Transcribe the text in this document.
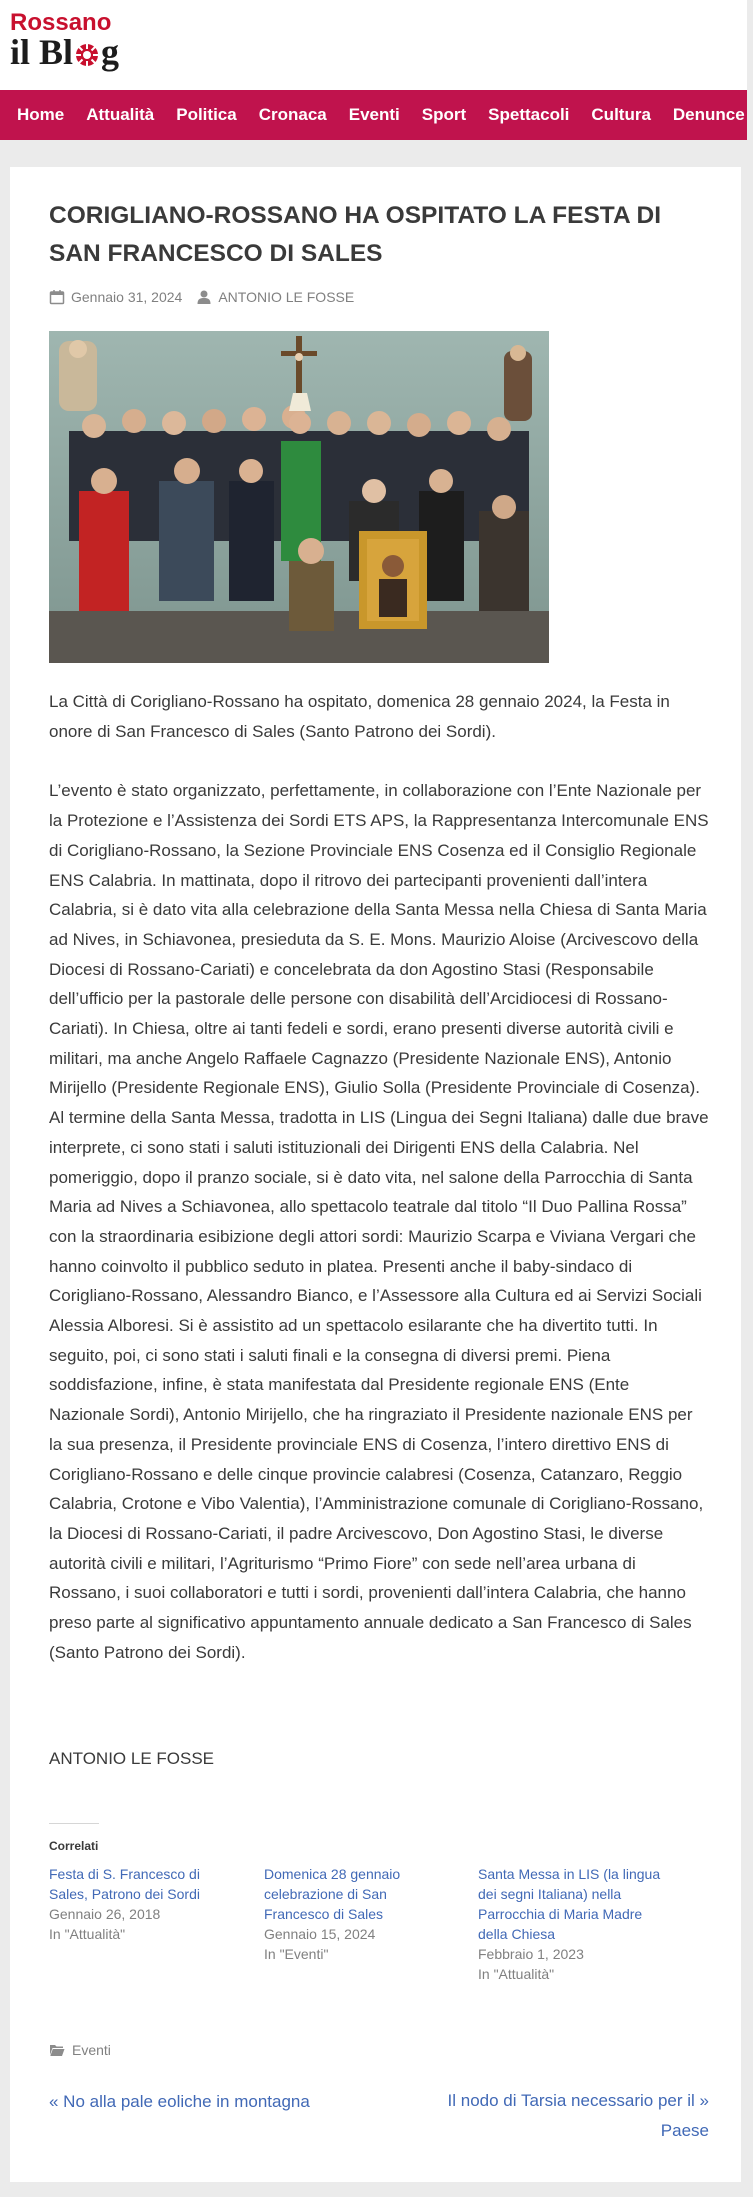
Rossano
il Bl g
Home	Attualità	Politica	Cronaca	Eventi	Sport	Spettacoli	Cultura	Denunce
CORIGLIANO-ROSSANO HA OSPITATO LA FESTA DI SAN FRANCESCO DI SALES
Gennaio 31, 2024	ANTONIO LE FOSSE

La Città di Corigliano-Rossano ha ospitato, domenica 28 gennaio 2024, la Festa in onore di San Francesco di Sales (Santo Patrono dei Sordi).

L’evento è stato organizzato, perfettamente, in collaborazione con l’Ente Nazionale per la Protezione e l’Assistenza dei Sordi ETS APS, la Rappresentanza Intercomunale ENS di Corigliano-Rossano, la Sezione Provinciale ENS Cosenza ed il Consiglio Regionale ENS Calabria. In mattinata, dopo il ritrovo dei partecipanti provenienti dall’intera Calabria, si è dato vita alla celebrazione della Santa Messa nella Chiesa di Santa Maria ad Nives, in Schiavonea, presieduta da S. E. Mons. Maurizio Aloise (Arcivescovo della Diocesi di Rossano-Cariati) e concelebrata da don Agostino Stasi (Responsabile dell’ufficio per la pastorale delle persone con disabilità dell’Arcidiocesi di Rossano-Cariati). In Chiesa, oltre ai tanti fedeli e sordi, erano presenti diverse autorità civili e militari, ma anche Angelo Raffaele Cagnazzo (Presidente Nazionale ENS), Antonio Mirijello (Presidente Regionale ENS), Giulio Solla (Presidente Provinciale di Cosenza). Al termine della Santa Messa, tradotta in LIS (Lingua dei Segni Italiana) dalle due brave interprete, ci sono stati i saluti istituzionali dei Dirigenti ENS della Calabria. Nel pomeriggio, dopo il pranzo sociale, si è dato vita, nel salone della Parrocchia di Santa Maria ad Nives a Schiavonea, allo spettacolo teatrale dal titolo “Il Duo Pallina Rossa” con la straordinaria esibizione degli attori sordi: Maurizio Scarpa e Viviana Vergari che hanno coinvolto il pubblico seduto in platea. Presenti anche il baby-sindaco di Corigliano-Rossano, Alessandro Bianco, e l’Assessore alla Cultura ed ai Servizi Sociali Alessia Alboresi. Si è assistito ad un spettacolo esilarante che ha divertito tutti. In seguito, poi, ci sono stati i saluti finali e la consegna di diversi premi. Piena soddisfazione, infine, è stata manifestata dal Presidente regionale ENS (Ente Nazionale Sordi), Antonio Mirijello, che ha ringraziato il Presidente nazionale ENS per la sua presenza, il Presidente provinciale ENS di Cosenza, l’intero direttivo ENS di Corigliano-Rossano e delle cinque provincie calabresi (Cosenza, Catanzaro, Reggio Calabria, Crotone e Vibo Valentia), l’Amministrazione comunale di Corigliano-Rossano, la Diocesi di Rossano-Cariati, il padre Arcivescovo, Don Agostino Stasi, le diverse autorità civili e militari, l’Agriturismo “Primo Fiore” con sede nell’area urbana di Rossano, i suoi collaboratori e tutti i sordi, provenienti dall’intera Calabria, che hanno preso parte al significativo appuntamento annuale dedicato a San Francesco di Sales (Santo Patrono dei Sordi).

ANTONIO LE FOSSE
Correlati
Festa di S. Francesco di Sales, Patrono dei Sordi
Gennaio 26, 2018
In "Attualità"
Domenica 28 gennaio celebrazione di San Francesco di Sales
Gennaio 15, 2024
In "Eventi"
Santa Messa in LIS (la lingua dei segni Italiana) nella Parrocchia di Maria Madre della Chiesa
Febbraio 1, 2023
In "Attualità"
Eventi
« No alla pale eoliche in montagna	Il nodo di Tarsia necessario per il » Paese
